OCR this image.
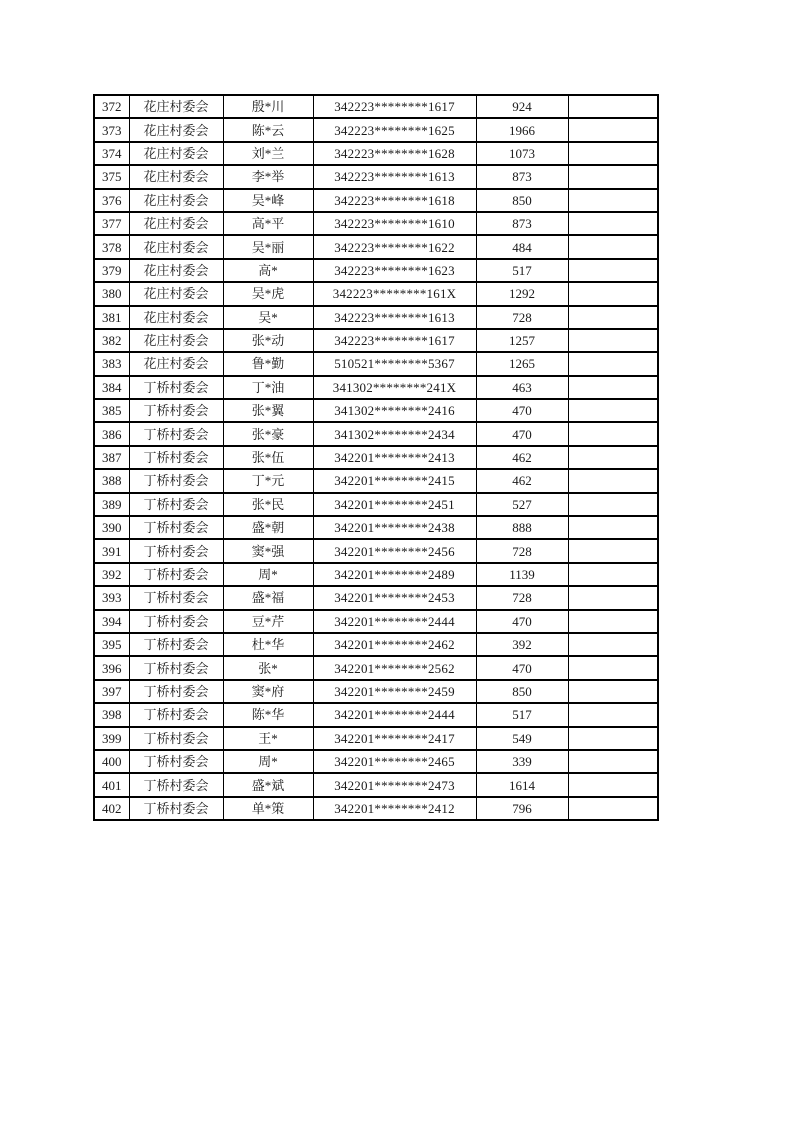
372	花庄村委会	殷*川	342223********1617	924	
373	花庄村委会	陈*云	342223********1625	1966	
374	花庄村委会	刘*兰	342223********1628	1073	
375	花庄村委会	李*举	342223********1613	873	
376	花庄村委会	吴*峰	342223********1618	850	
377	花庄村委会	高*平	342223********1610	873	
378	花庄村委会	吴*丽	342223********1622	484	
379	花庄村委会	高*	342223********1623	517	
380	花庄村委会	吴*虎	342223********161X	1292	
381	花庄村委会	吴*	342223********1613	728	
382	花庄村委会	张*动	342223********1617	1257	
383	花庄村委会	鲁*勤	510521********5367	1265	
384	丁桥村委会	丁*油	341302********241X	463	
385	丁桥村委会	张*翼	341302********2416	470	
386	丁桥村委会	张*豪	341302********2434	470	
387	丁桥村委会	张*伍	342201********2413	462	
388	丁桥村委会	丁*元	342201********2415	462	
389	丁桥村委会	张*民	342201********2451	527	
390	丁桥村委会	盛*朝	342201********2438	888	
391	丁桥村委会	窦*强	342201********2456	728	
392	丁桥村委会	周*	342201********2489	1139	
393	丁桥村委会	盛*福	342201********2453	728	
394	丁桥村委会	豆*芹	342201********2444	470	
395	丁桥村委会	杜*华	342201********2462	392	
396	丁桥村委会	张*	342201********2562	470	
397	丁桥村委会	窦*府	342201********2459	850	
398	丁桥村委会	陈*华	342201********2444	517	
399	丁桥村委会	王*	342201********2417	549	
400	丁桥村委会	周*	342201********2465	339	
401	丁桥村委会	盛*斌	342201********2473	1614	
402	丁桥村委会	单*策	342201********2412	796	
